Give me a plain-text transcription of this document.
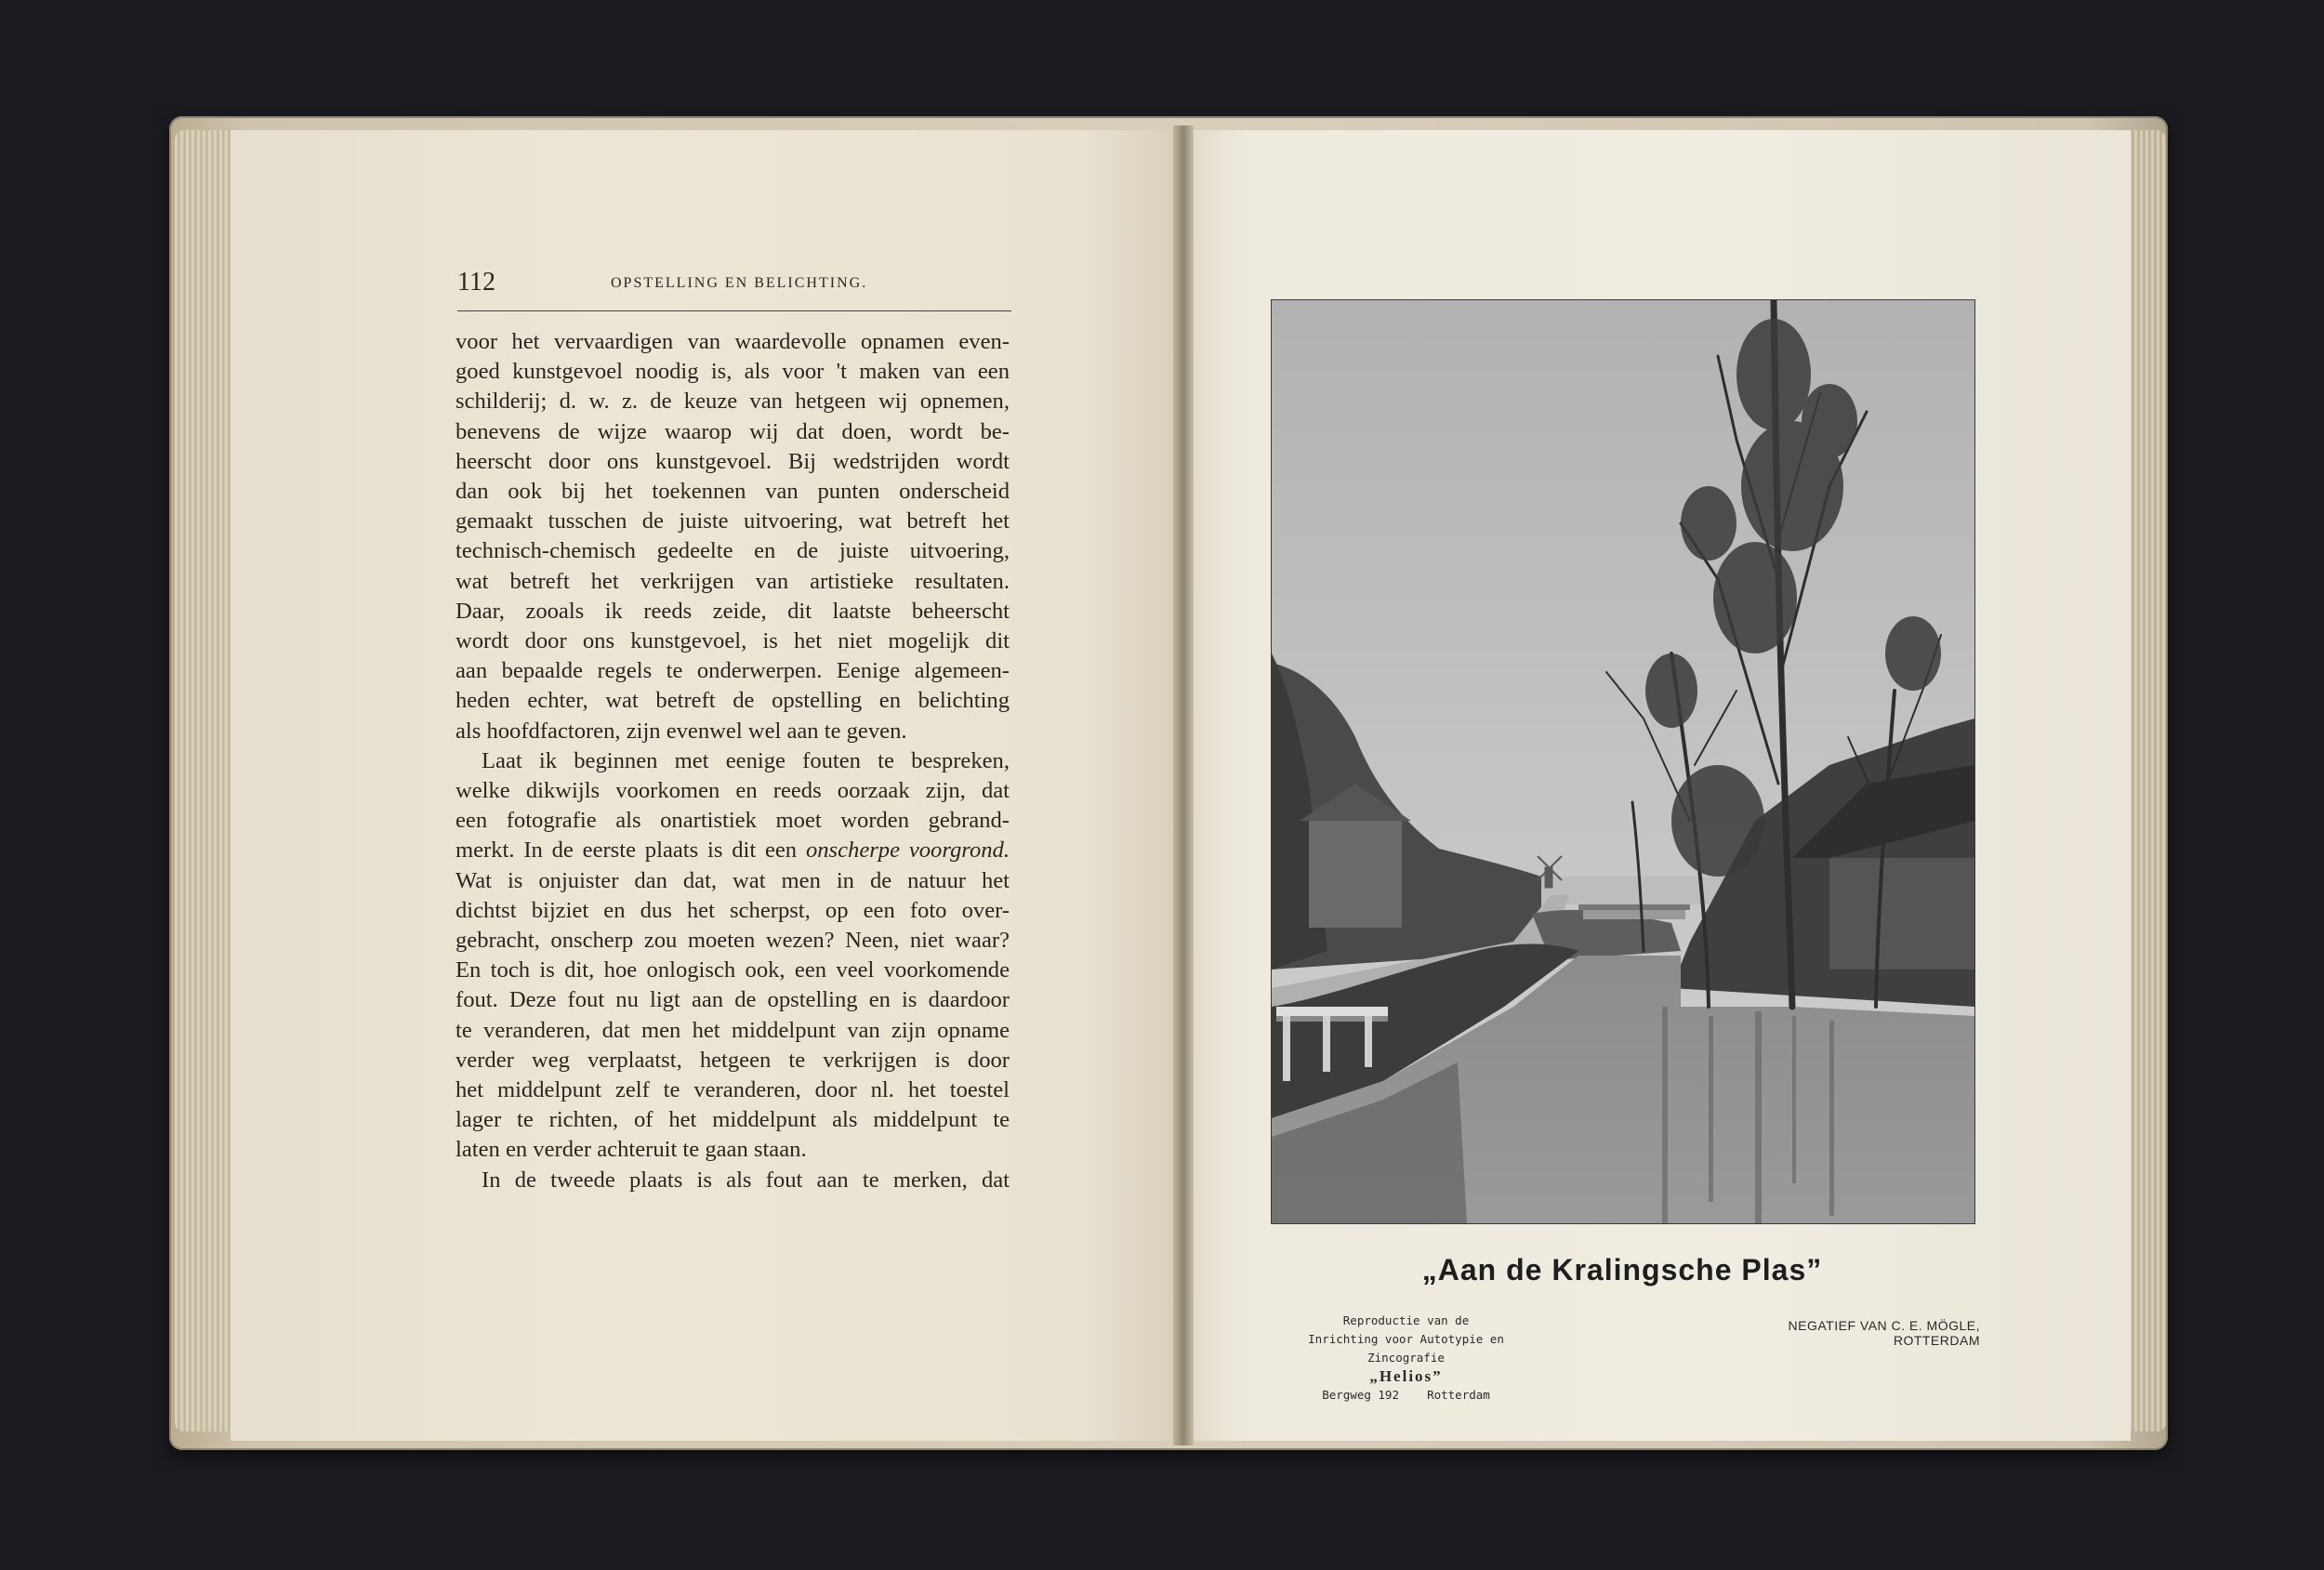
112	OPSTELLING EN BELICHTING.
voor het vervaardigen van waardevolle opnamen even-
goed kunstgevoel noodig is, als voor 't maken van een
schilderij; d. w. z. de keuze van hetgeen wij opnemen,
benevens de wijze waarop wij dat doen, wordt be-
heerscht door ons kunstgevoel. Bij wedstrijden wordt
dan ook bij het toekennen van punten onderscheid
gemaakt tusschen de juiste uitvoering, wat betreft het
technisch-chemisch gedeelte en de juiste uitvoering,
wat betreft het verkrijgen van artistieke resultaten.
Daar, zooals ik reeds zeide, dit laatste beheerscht
wordt door ons kunstgevoel, is het niet mogelijk dit
aan bepaalde regels te onderwerpen. Eenige algemeen-
heden echter, wat betreft de opstelling en belichting
als hoofdfactoren, zijn evenwel wel aan te geven.
Laat ik beginnen met eenige fouten te bespreken,
welke dikwijls voorkomen en reeds oorzaak zijn, dat
een fotografie als onartistiek moet worden gebrand-
merkt. In de eerste plaats is dit een onscherpe voorgrond.
Wat is onjuister dan dat, wat men in de natuur het
dichtst bijziet en dus het scherpst, op een foto over-
gebracht, onscherp zou moeten wezen? Neen, niet waar?
En toch is dit, hoe onlogisch ook, een veel voorkomende
fout. Deze fout nu ligt aan de opstelling en is daardoor
te veranderen, dat men het middelpunt van zijn opname
verder weg verplaatst, hetgeen te verkrijgen is door
het middelpunt zelf te veranderen, door nl. het toestel
lager te richten, of het middelpunt als middelpunt te
laten en verder achteruit te gaan staan.
In de tweede plaats is als fout aan te merken, dat
„Aan de Kralingsche Plas”
Reproductie van de
Inrichting voor Autotypie en Zincografie
„Helios”
Bergweg 192    Rotterdam
NEGATIEF VAN C. E. MÖGLE, ROTTERDAM
